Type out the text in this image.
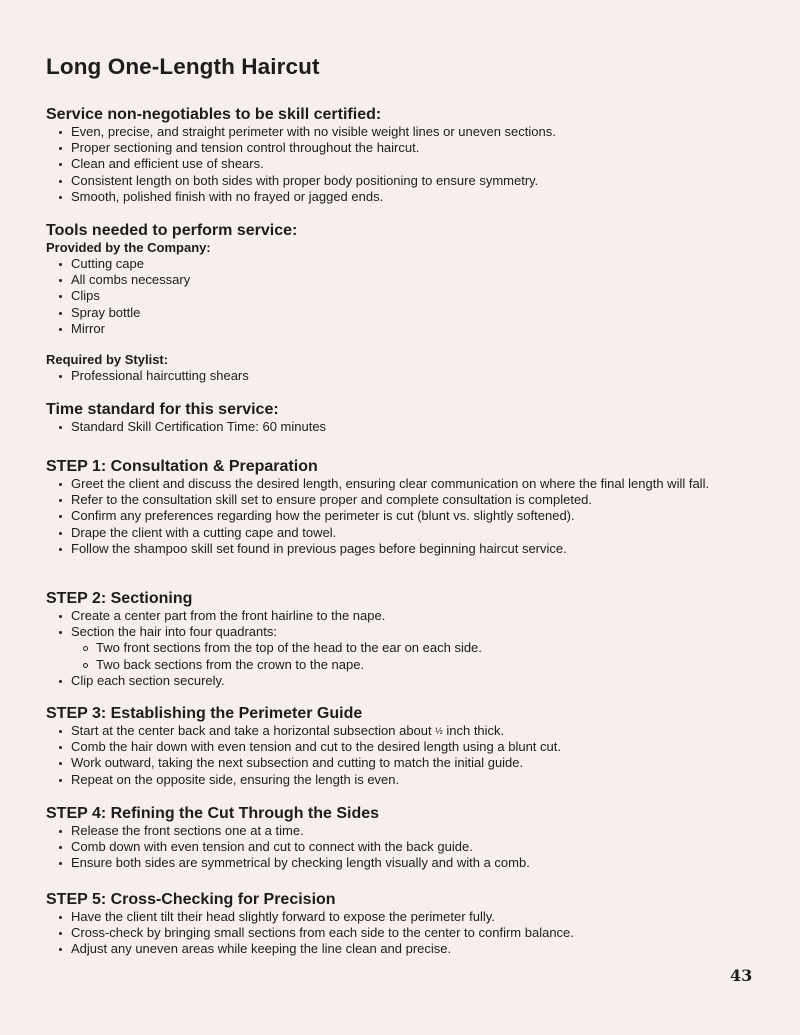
Long One-Length Haircut
Service non-negotiables to be skill certified:
Even, precise, and straight perimeter with no visible weight lines or uneven sections.
Proper sectioning and tension control throughout the haircut.
Clean and efficient use of shears.
Consistent length on both sides with proper body positioning to ensure symmetry.
Smooth, polished finish with no frayed or jagged ends.
Tools needed to perform service:
Provided by the Company:
Cutting cape
All combs necessary
Clips
Spray bottle
Mirror
Required by Stylist:
Professional haircutting shears
Time standard for this service:
Standard Skill Certification Time: 60 minutes
STEP 1: Consultation & Preparation
Greet the client and discuss the desired length, ensuring clear communication on where the final length will fall.
Refer to the consultation skill set to ensure proper and complete consultation is completed.
Confirm any preferences regarding how the perimeter is cut (blunt vs. slightly softened).
Drape the client with a cutting cape and towel.
Follow the shampoo skill set found in previous pages before beginning haircut service.
STEP 2: Sectioning
Create a center part from the front hairline to the nape.
Section the hair into four quadrants:
Two front sections from the top of the head to the ear on each side.
Two back sections from the crown to the nape.
Clip each section securely.
STEP 3: Establishing the Perimeter Guide
Start at the center back and take a horizontal subsection about ½ inch thick.
Comb the hair down with even tension and cut to the desired length using a blunt cut.
Work outward, taking the next subsection and cutting to match the initial guide.
Repeat on the opposite side, ensuring the length is even.
STEP 4: Refining the Cut Through the Sides
Release the front sections one at a time.
Comb down with even tension and cut to connect with the back guide.
Ensure both sides are symmetrical by checking length visually and with a comb.
STEP 5: Cross-Checking for Precision
Have the client tilt their head slightly forward to expose the perimeter fully.
Cross-check by bringing small sections from each side to the center to confirm balance.
Adjust any uneven areas while keeping the line clean and precise.

43
